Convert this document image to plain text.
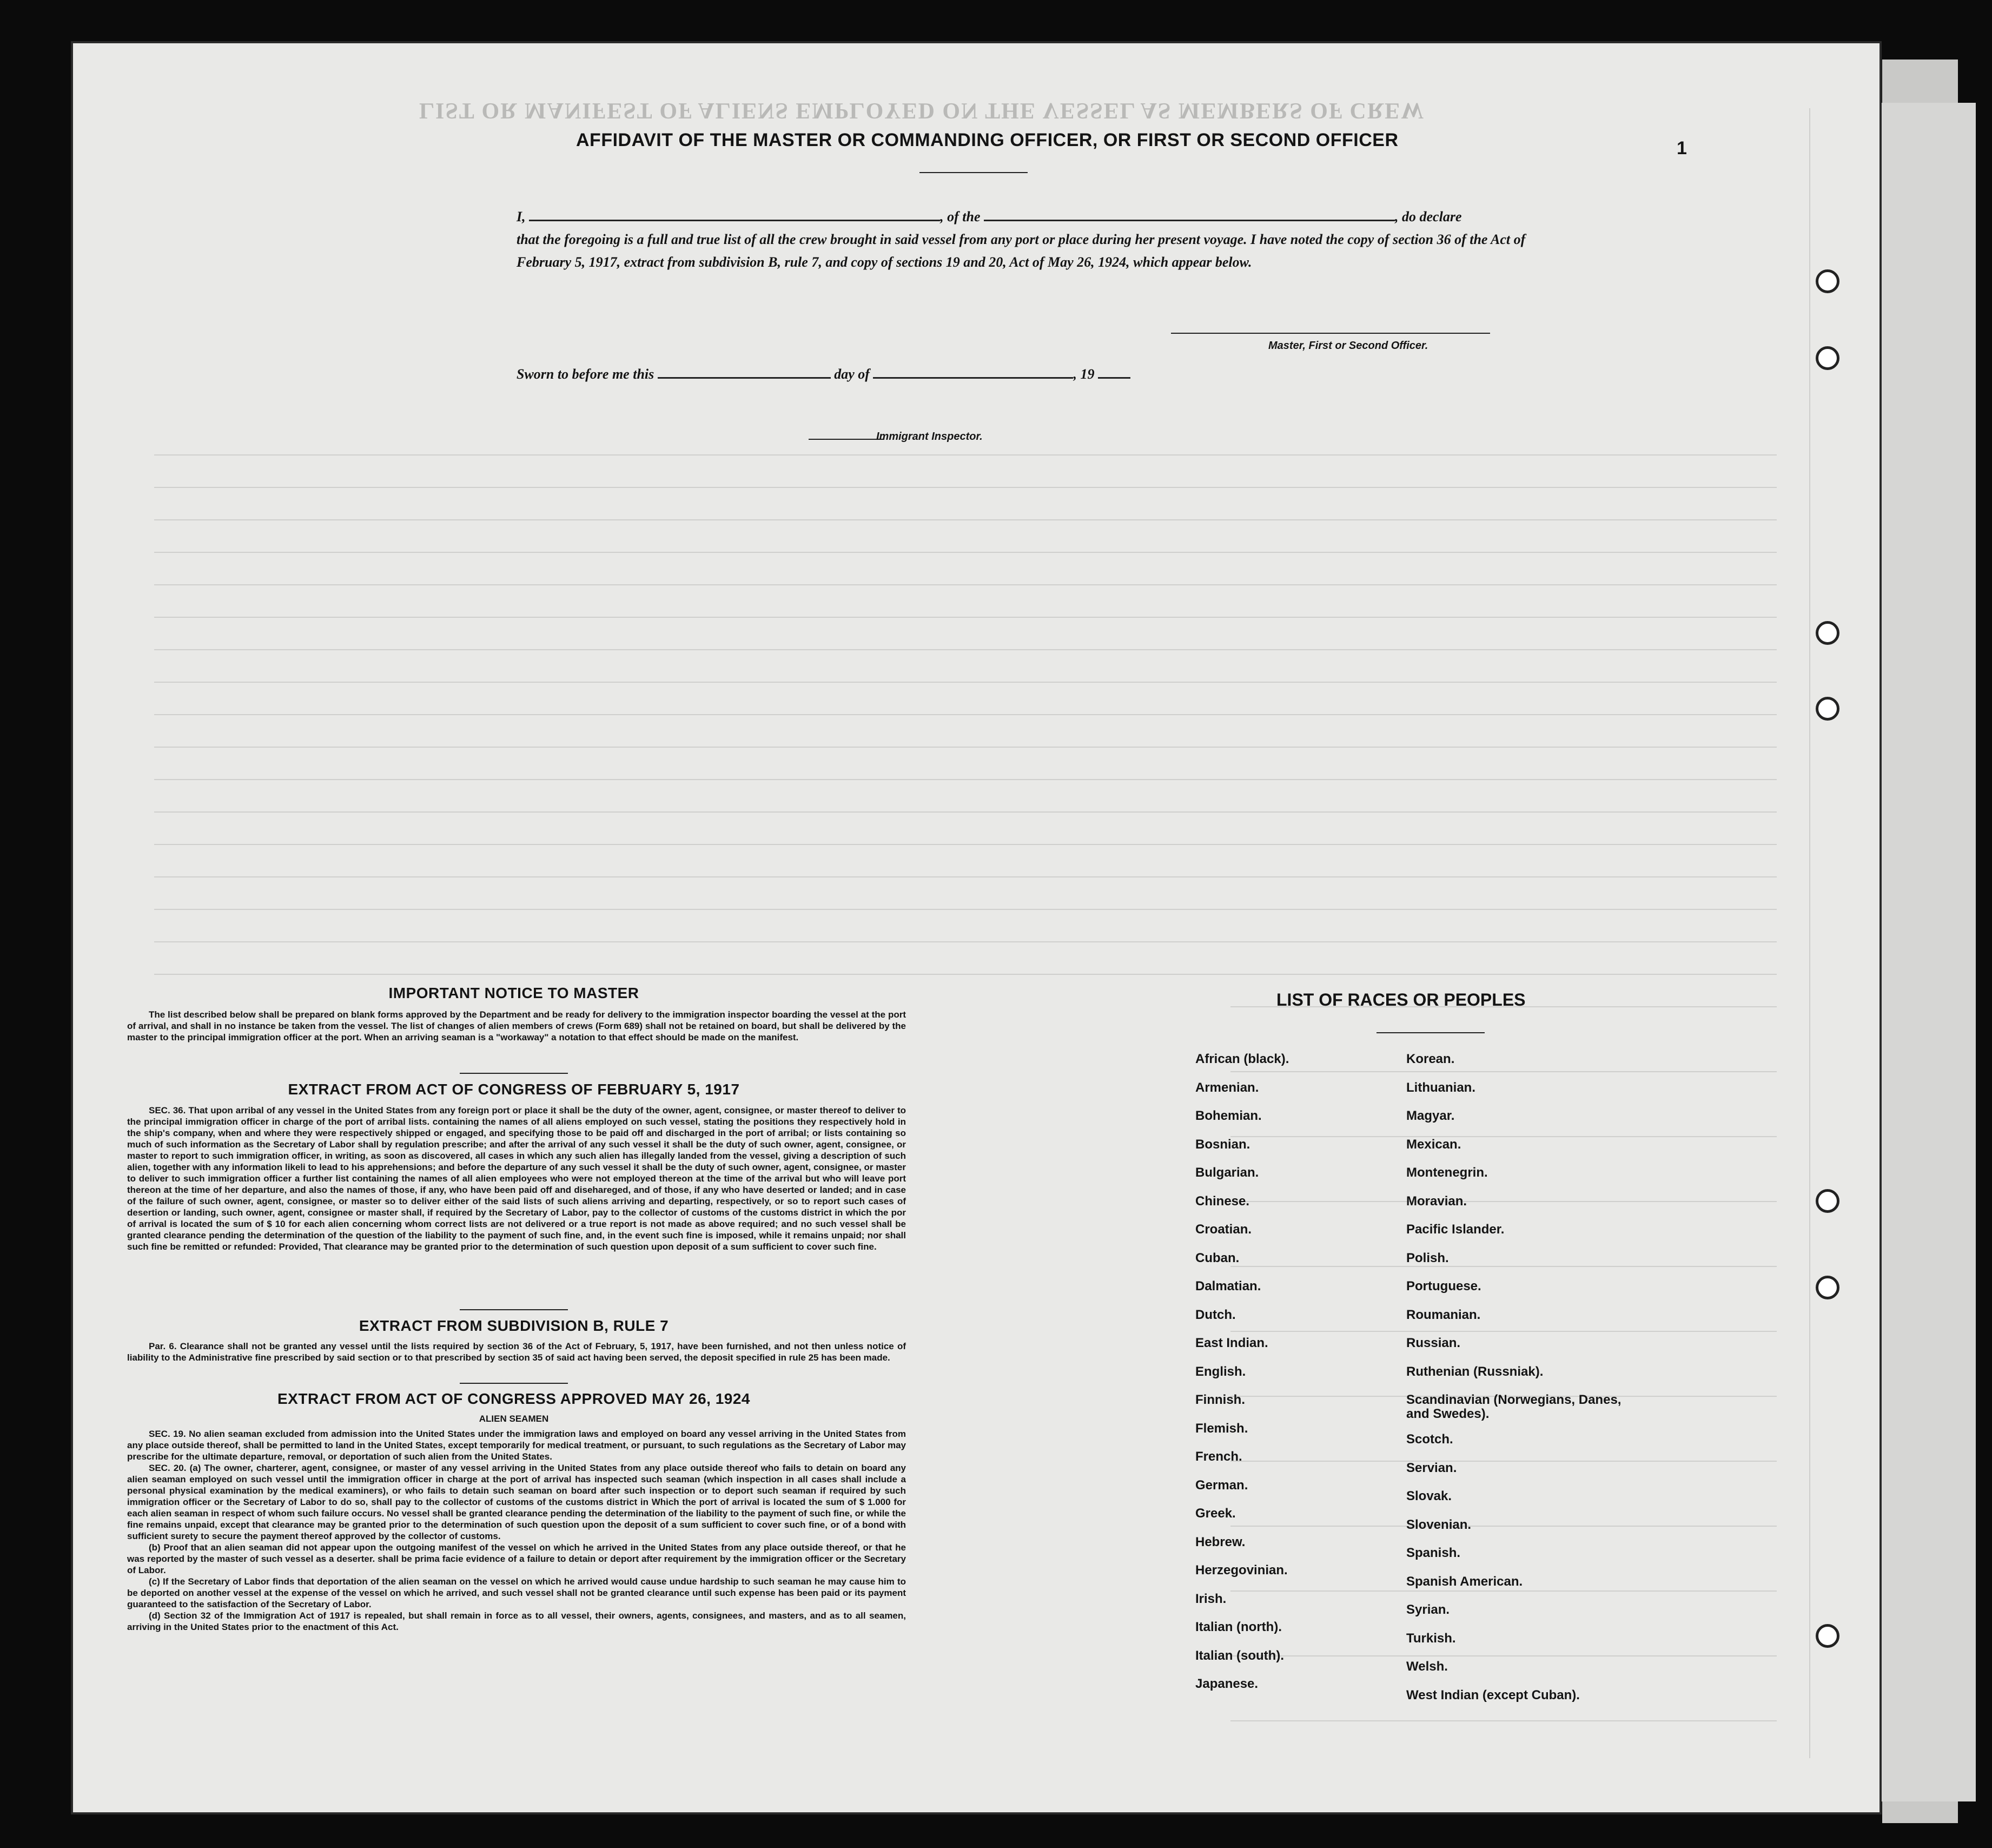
LIST OR MANIFEST OF ALIENS EMPLOYED ON THE VESSEL AS MEMBERS OF CREW
1
AFFIDAVIT OF THE MASTER OR COMMANDING OFFICER, OR FIRST OR SECOND OFFICER
I,	, of the	, do declare
that the foregoing is a full and true list of all the crew brought in said vessel from any port or place during her present voyage. I have noted the copy of section 36 of the Act of February 5, 1917, extract from subdivision B, rule 7, and copy of sections 19 and 20, Act of May 26, 1924, which appear below.
Master, First or Second Officer.
Sworn to before me this	day of	, 19
Immigrant Inspector.
IMPORTANT NOTICE TO MASTER
The list described below shall be prepared on blank forms approved by the Department and be ready for delivery to the immigration inspector boarding the vessel at the port of arrival, and shall in no instance be taken from the vessel. The list of changes of alien members of crews (Form 689) shall not be retained on board, but shall be delivered by the master to the principal immigration officer at the port. When an arriving seaman is a "workaway" a notation to that effect should be made on the manifest.
EXTRACT FROM ACT OF CONGRESS OF FEBRUARY 5, 1917
SEC. 36. That upon arribal of any vessel in the United States from any foreign port or place it shall be the duty of the owner, agent, consignee, or master thereof to deliver to the principal immigration officer in charge of the port of arribal lists. containing the names of all aliens employed on such vessel, stating the positions they respectively hold in the ship's company, when and where they were respectively shipped or engaged, and specifying those to be paid off and discharged in the port of arribal; or lists containing so much of such information as the Secretary of Labor shall by regulation prescribe; and after the arrival of any such vessel it shall be the duty of such owner, agent, consignee, or master to report to such immigration officer, in writing, as soon as discovered, all cases in which any such alien has illegally landed from the vessel, giving a description of such alien, together with any information likeli to lead to his apprehensions; and before the departure of any such vessel it shall be the duty of such owner, agent, consignee, or master to deliver to such immigration officer a further list containing the names of all alien employees who were not employed thereon at the time of the arrival but who will leave port thereon at the time of her departure, and also the names of those, if any, who have been paid off and disehareged, and of those, if any who have deserted or landed; and in case of the failure of such owner, agent, consignee, or master so to deliver either of the said lists of such aliens arriving and departing, respectively, or so to report such cases of desertion or landing, such owner, agent, consignee or master shall, if required by the Secretary of Labor, pay to the collector of customs of the customs district in which the por of arrival is located the sum of $ 10 for each alien concerning whom correct lists are not delivered or a true report is not made as above required; and no such vessel shall be granted clearance pending the determination of the question of the liability to the payment of such fine, and, in the event such fine is imposed, while it remains unpaid; nor shall such fine be remitted or refunded: Provided, That clearance may be granted prior to the determination of such question upon deposit of a sum sufficient to cover such fine.
EXTRACT FROM SUBDIVISION B, RULE 7
Par. 6. Clearance shall not be granted any vessel until the lists required by section 36 of the Act of February, 5, 1917, have been furnished, and not then unless notice of liability to the Administrative fine prescribed by said section or to that prescribed by section 35 of said act having been served, the deposit specified in rule 25 has been made.
EXTRACT FROM ACT OF CONGRESS APPROVED MAY 26, 1924
ALIEN SEAMEN
SEC. 19. No alien seaman excluded from admission into the United States under the immigration laws and employed on board any vessel arriving in the United States from any place outside thereof, shall be permitted to land in the United States, except temporarily for medical treatment, or pursuant, to such regulations as the Secretary of Labor may prescribe for the ultimate departure, removal, or deportation of such alien from the United States.
SEC. 20. (a) The owner, charterer, agent, consignee, or master of any vessel arriving in the United States from any place outside thereof who fails to detain on board any alien seaman employed on such vessel until the immigration officer in charge at the port of arrival has inspected such seaman (which inspection in all cases shall include a personal physical examination by the medical examiners), or who fails to detain such seaman on board after such inspection or to deport such seaman if required by such immigration officer or the Secretary of Labor to do so, shall pay to the collector of customs of the customs district in Which the port of arrival is located the sum of $ 1.000 for each alien seaman in respect of whom such failure occurs. No vessel shall be granted clearance pending the determination of the liability to the payment of such fine, or while the fine remains unpaid, except that clearance may be granted prior to the determination of such question upon the deposit of a sum sufficient to cover such fine, or of a bond with sufficient surety to secure the payment thereof approved by the collector of customs.
(b) Proof that an alien seaman did not appear upon the outgoing manifest of the vessel on which he arrived in the United States from any place outside thereof, or that he was reported by the master of such vessel as a deserter. shall be prima facie evidence of a failure to detain or deport after requirement by the immigration officer or the Secretary of Labor.
(c) If the Secretary of Labor finds that deportation of the alien seaman on the vessel on which he arrived would cause undue hardship to such seaman he may cause him to be deported on another vessel at the expense of the vessel on which he arrived, and such vessel shall not be granted clearance until such expense has been paid or its payment guaranteed to the satisfaction of the Secretary of Labor.
(d) Section 32 of the Immigration Act of 1917 is repealed, but shall remain in force as to all vessel, their owners, agents, consignees, and masters, and as to all seamen, arriving in the United States prior to the enactment of this Act.
LIST OF RACES OR PEOPLES
African (black).
Armenian.
Bohemian.
Bosnian.
Bulgarian.
Chinese.
Croatian.
Cuban.
Dalmatian.
Dutch.
East Indian.
English.
Finnish.
Flemish.
French.
German.
Greek.
Hebrew.
Herzegovinian.
Irish.
Italian (north).
Italian (south).
Japanese.
Korean.
Lithuanian.
Magyar.
Mexican.
Montenegrin.
Moravian.
Pacific Islander.
Polish.
Portuguese.
Roumanian.
Russian.
Ruthenian (Russniak).
Scandinavian (Norwegians, Danes, and Swedes).
Scotch.
Servian.
Slovak.
Slovenian.
Spanish.
Spanish American.
Syrian.
Turkish.
Welsh.
West Indian (except Cuban).
